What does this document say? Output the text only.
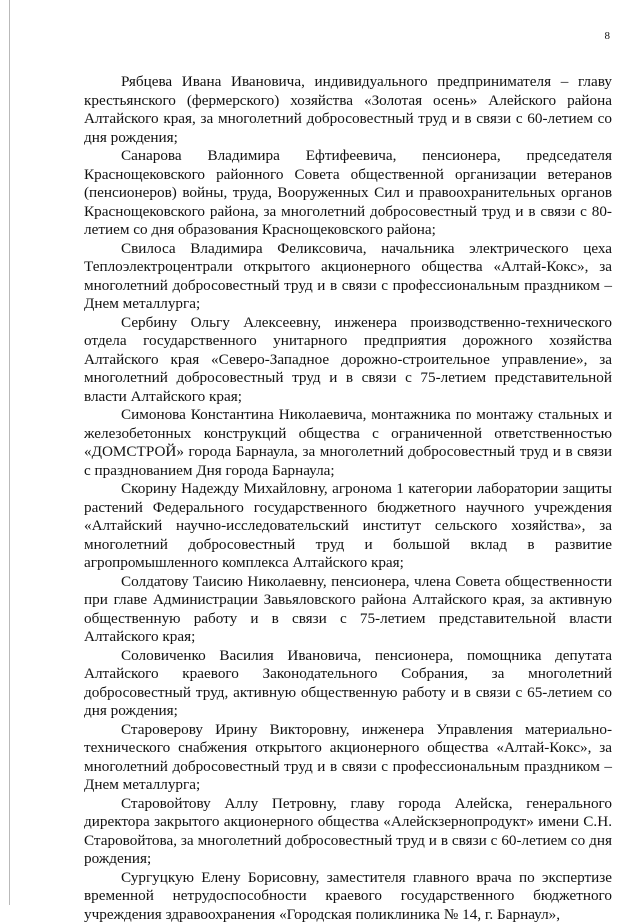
8

Рябцева Ивана Ивановича, индивидуального предпринимателя – главу крестьянского (фермерского) хозяйства «Золотая осень» Алейского района Алтайского края, за многолетний добросовестный труд и в связи с 60-летием со дня рождения;

Санарова Владимира Ефтифеевича, пенсионера, председателя Краснощековского районного Совета общественной организации ветеранов (пенсионеров) войны, труда, Вооруженных Сил и правоохранительных органов Краснощековского района, за многолетний добросовестный труд и в связи с 80-летием со дня образования Краснощековского района;

Свилоса Владимира Феликсовича, начальника электрического цеха Теплоэлектроцентрали открытого акционерного общества «Алтай-Кокс», за многолетний добросовестный труд и в связи с профессиональным праздником – Днем металлурга;

Сербину Ольгу Алексеевну, инженера производственно-технического отдела государственного унитарного предприятия дорожного хозяйства Алтайского края «Северо-Западное дорожно-строительное управление», за многолетний добросовестный труд и в связи с 75-летием представительной власти Алтайского края;

Симонова Константина Николаевича, монтажника по монтажу стальных и железобетонных конструкций общества с ограниченной ответственностью «ДОМСТРОЙ» города Барнаула, за многолетний добросовестный труд и в связи с празднованием Дня города Барнаула;

Скорину Надежду Михайловну, агронома 1 категории лаборатории защиты растений Федерального государственного бюджетного научного учреждения «Алтайский научно-исследовательский институт сельского хозяйства», за многолетний добросовестный труд и большой вклад в развитие агропромышленного комплекса Алтайского края;

Солдатову Таисию Николаевну, пенсионера, члена Совета общественности при главе Администрации Завьяловского района Алтайского края, за активную общественную работу и в связи с 75-летием представительной власти Алтайского края;

Соловиченко Василия Ивановича, пенсионера, помощника депутата Алтайского краевого Законодательного Собрания, за многолетний добросовестный труд, активную общественную работу и в связи с 65-летием со дня рождения;

Староверову Ирину Викторовну, инженера Управления материально-технического снабжения открытого акционерного общества «Алтай-Кокс», за многолетний добросовестный труд и в связи с профессиональным праздником – Днем металлурга;

Старовойтову Аллу Петровну, главу города Алейска, генерального директора закрытого акционерного общества «Алейскзернопродукт» имени С.Н. Старовойтова, за многолетний добросовестный труд и в связи с 60-летием со дня рождения;

Сургуцкую Елену Борисовну, заместителя главного врача по экспертизе временной нетрудоспособности краевого государственного бюджетного учреждения здравоохранения «Городская поликлиника № 14, г. Барнаул»,
